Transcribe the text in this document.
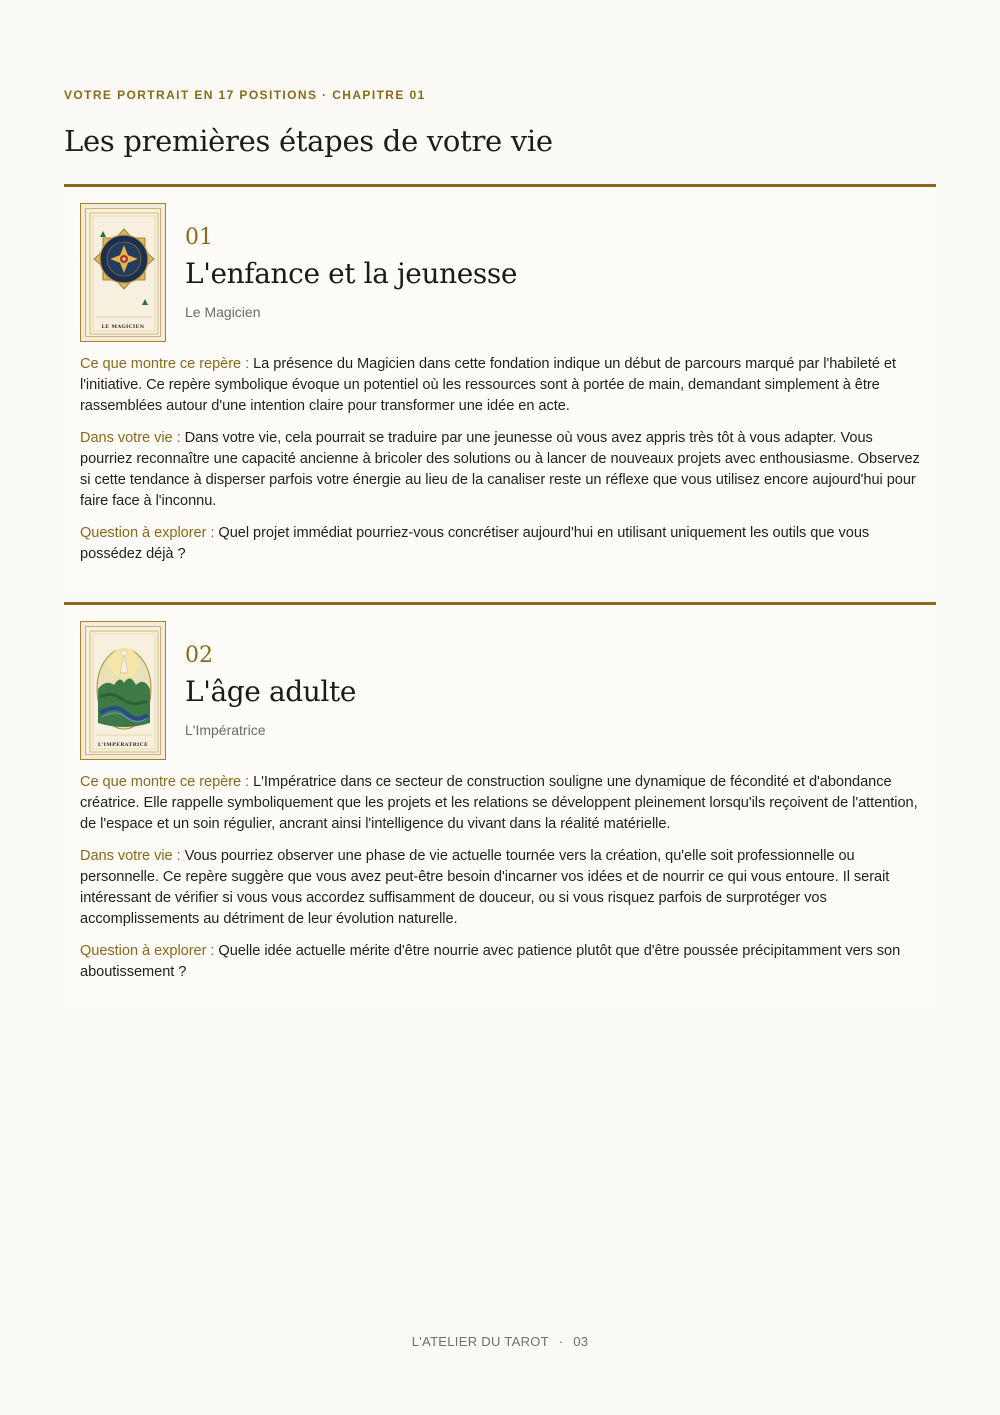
VOTRE PORTRAIT EN 17 POSITIONS · CHAPITRE 01
Les premières étapes de votre vie
LE MAGICIEN
01
L'enfance et la jeunesse
Le Magicien

Ce que montre ce repère : La présence du Magicien dans cette fondation indique un début de parcours marqué par l'habileté et l'initiative. Ce repère symbolique évoque un potentiel où les ressources sont à portée de main, demandant simplement à être rassemblées autour d'une intention claire pour transformer une idée en acte.

Dans votre vie : Dans votre vie, cela pourrait se traduire par une jeunesse où vous avez appris très tôt à vous adapter. Vous pourriez reconnaître une capacité ancienne à bricoler des solutions ou à lancer de nouveaux projets avec enthousiasme. Observez si cette tendance à disperser parfois votre énergie au lieu de la canaliser reste un réflexe que vous utilisez encore aujourd'hui pour faire face à l'inconnu.

Question à explorer : Quel projet immédiat pourriez-vous concrétiser aujourd'hui en utilisant uniquement les outils que vous possédez déjà ?

L'IMPÉRATRICE
02
L'âge adulte
L'Impératrice

Ce que montre ce repère : L'Impératrice dans ce secteur de construction souligne une dynamique de fécondité et d'abondance créatrice. Elle rappelle symboliquement que les projets et les relations se développent pleinement lorsqu'ils reçoivent de l'attention, de l'espace et un soin régulier, ancrant ainsi l'intelligence du vivant dans la réalité matérielle.

Dans votre vie : Vous pourriez observer une phase de vie actuelle tournée vers la création, qu'elle soit professionnelle ou personnelle. Ce repère suggère que vous avez peut-être besoin d'incarner vos idées et de nourrir ce qui vous entoure. Il serait intéressant de vérifier si vous vous accordez suffisamment de douceur, ou si vous risquez parfois de surprotéger vos accomplissements au détriment de leur évolution naturelle.

Question à explorer : Quelle idée actuelle mérite d'être nourrie avec patience plutôt que d'être poussée précipitamment vers son aboutissement ?

L'ATELIER DU TAROT · 03
